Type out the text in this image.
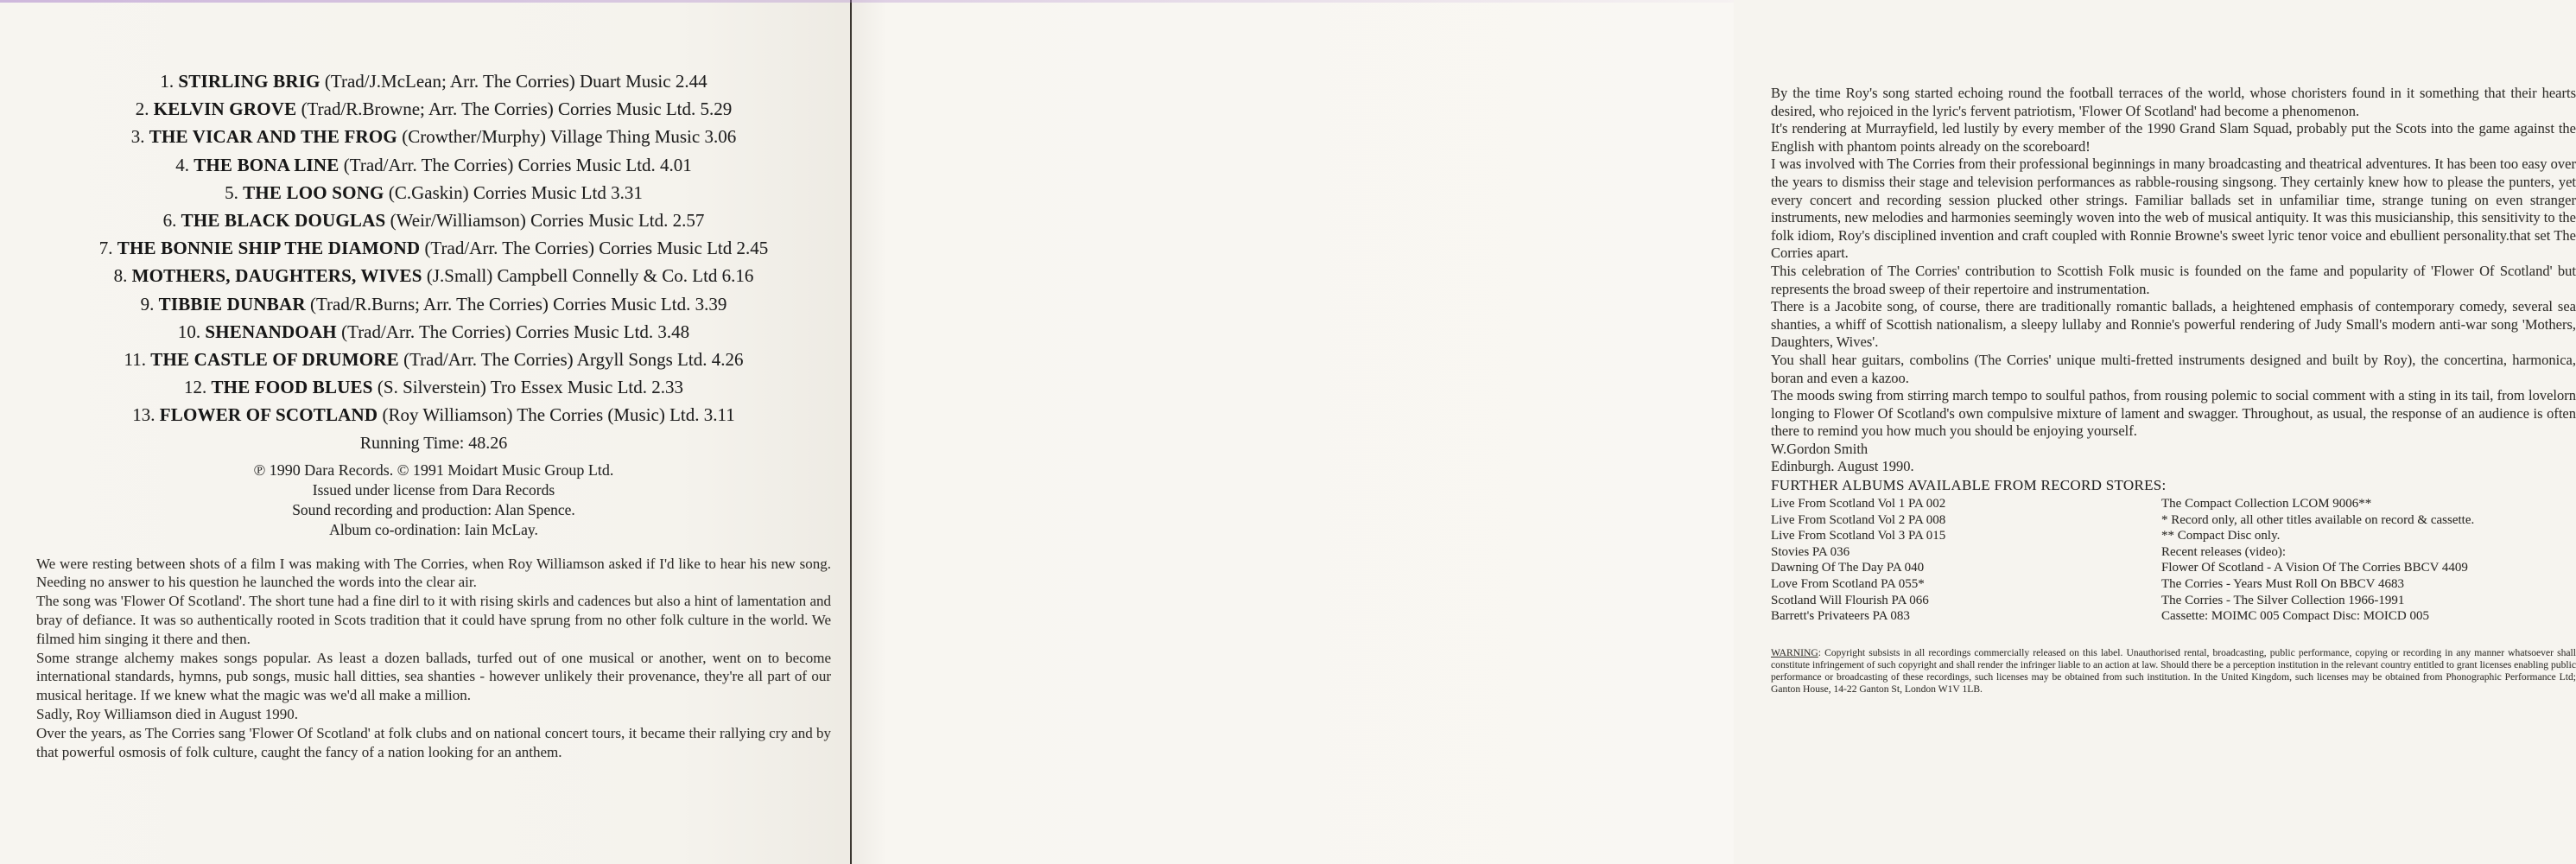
1. STIRLING BRIG (Trad/J.McLean; Arr. The Corries) Duart Music 2.44
2. KELVIN GROVE (Trad/R.Browne; Arr. The Corries) Corries Music Ltd. 5.29
3. THE VICAR AND THE FROG (Crowther/Murphy) Village Thing Music 3.06
4. THE BONA LINE (Trad/Arr. The Corries) Corries Music Ltd. 4.01
5. THE LOO SONG (C.Gaskin) Corries Music Ltd 3.31
6. THE BLACK DOUGLAS (Weir/Williamson) Corries Music Ltd. 2.57
7. THE BONNIE SHIP THE DIAMOND (Trad/Arr. The Corries) Corries Music Ltd 2.45
8. MOTHERS, DAUGHTERS, WIVES (J.Small) Campbell Connelly & Co. Ltd 6.16
9. TIBBIE DUNBAR (Trad/R.Burns; Arr. The Corries) Corries Music Ltd. 3.39
10. SHENANDOAH (Trad/Arr. The Corries) Corries Music Ltd. 3.48
11. THE CASTLE OF DRUMORE (Trad/Arr. The Corries) Argyll Songs Ltd. 4.26
12. THE FOOD BLUES (S. Silverstein) Tro Essex Music Ltd. 2.33
13. FLOWER OF SCOTLAND (Roy Williamson) The Corries (Music) Ltd. 3.11
Running Time: 48.26
℗ 1990 Dara Records. © 1991 Moidart Music Group Ltd.
Issued under license from Dara Records
Sound recording and production: Alan Spence.
Album co-ordination: Iain McLay.

We were resting between shots of a film I was making with The Corries, when Roy Williamson asked if I'd like to hear his new song. Needing no answer to his question he launched the words into the clear air.

The song was 'Flower Of Scotland'. The short tune had a fine dirl to it with rising skirls and cadences but also a hint of lamentation and bray of defiance. It was so authentically rooted in Scots tradition that it could have sprung from no other folk culture in the world. We filmed him singing it there and then.

Some strange alchemy makes songs popular. As least a dozen ballads, turfed out of one musical or another, went on to become international standards, hymns, pub songs, music hall ditties, sea shanties - however unlikely their provenance, they're all part of our musical heritage. If we knew what the magic was we'd all make a million.

Sadly, Roy Williamson died in August 1990.

Over the years, as The Corries sang 'Flower Of Scotland' at folk clubs and on national concert tours, it became their rallying cry and by that powerful osmosis of folk culture, caught the fancy of a nation looking for an anthem.

By the time Roy's song started echoing round the football terraces of the world, whose choristers found in it something that their hearts desired, who rejoiced in the lyric's fervent patriotism, 'Flower Of Scotland' had become a phenomenon.

It's rendering at Murrayfield, led lustily by every member of the 1990 Grand Slam Squad, probably put the Scots into the game against the English with phantom points already on the scoreboard!

I was involved with The Corries from their professional beginnings in many broadcasting and theatrical adventures. It has been too easy over the years to dismiss their stage and television performances as rabble-rousing singsong. They certainly knew how to please the punters, yet every concert and recording session plucked other strings. Familiar ballads set in unfamiliar time, strange tuning on even stranger instruments, new melodies and harmonies seemingly woven into the web of musical antiquity. It was this musicianship, this sensitivity to the folk idiom, Roy's disciplined invention and craft coupled with Ronnie Browne's sweet lyric tenor voice and ebullient personality.that set The Corries apart.

This celebration of The Corries' contribution to Scottish Folk music is founded on the fame and popularity of 'Flower Of Scotland' but represents the broad sweep of their repertoire and instrumentation.

There is a Jacobite song, of course, there are traditionally romantic ballads, a heightened emphasis of contemporary comedy, several sea shanties, a whiff of Scottish nationalism, a sleepy lullaby and Ronnie's powerful rendering of Judy Small's modern anti-war song 'Mothers, Daughters, Wives'.

You shall hear guitars, combolins (The Corries' unique multi-fretted instruments designed and built by Roy), the concertina, harmonica, boran and even a kazoo.

The moods swing from stirring march tempo to soulful pathos, from rousing polemic to social comment with a sting in its tail, from lovelorn longing to Flower Of Scotland's own compulsive mixture of lament and swagger. Throughout, as usual, the response of an audience is often there to remind you how much you should be enjoying yourself.

W.Gordon Smith
Edinburgh. August 1990.
FURTHER ALBUMS AVAILABLE FROM RECORD STORES:
Live From Scotland Vol 1 PA 002
Live From Scotland Vol 2 PA 008
Live From Scotland Vol 3 PA 015
Stovies PA 036
Dawning Of The Day PA 040
Love From Scotland PA 055*
Scotland Will Flourish PA 066
Barrett's Privateers PA 083
The Compact Collection LCOM 9006**
* Record only, all other titles available on record & cassette.
** Compact Disc only.
Recent releases (video):
Flower Of Scotland - A Vision Of The Corries BBCV 4409
The Corries - Years Must Roll On BBCV 4683
The Corries - The Silver Collection 1966-1991
Cassette: MOIMC 005 Compact Disc: MOICD 005
WARNING: Copyright subsists in all recordings commercially released on this label. Unauthorised rental, broadcasting, public performance, copying or recording in any manner whatsoever shall constitute infringement of such copyright and shall render the infringer liable to an action at law. Should there be a perception institution in the relevant country entitled to grant licenses enabling public performance or broadcasting of these recordings, such licenses may be obtained from such institution. In the United Kingdom, such licenses may be obtained from Phonographic Performance Ltd; Ganton House, 14-22 Ganton St, London W1V 1LB.
